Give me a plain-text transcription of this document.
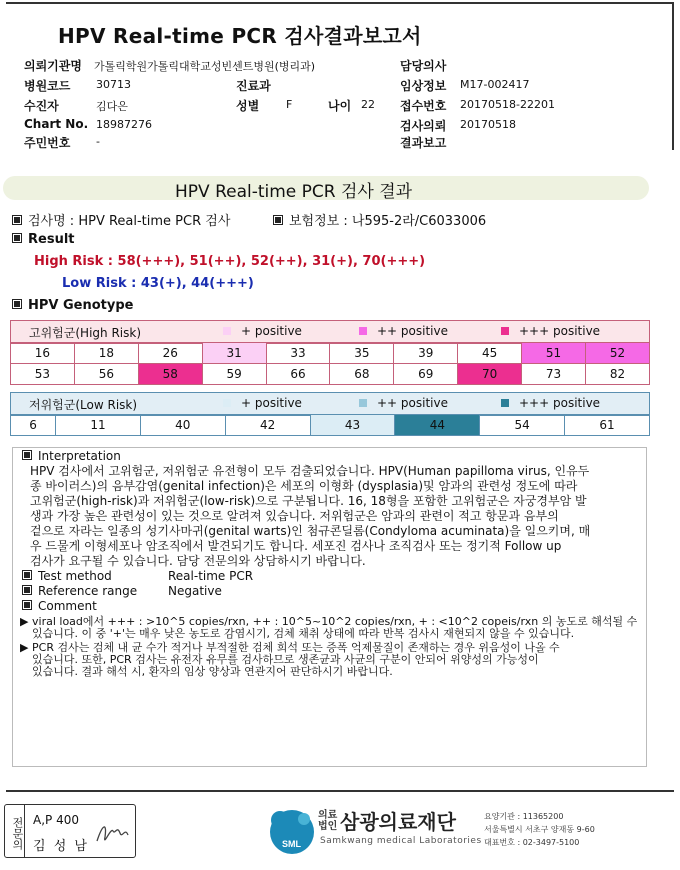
HPV Real-time PCR 검사결과보고서
의뢰기관명 가톨릭학원가톨릭대학교성빈센트병원(병리과)	담당의사
병원코드 30713	진료과	임상정보 M17-002417
수진자	김다은	성별 F	나이 22 접수번호 20170518-22201
Chart No. 18987276	검사의뢰 20170518
주민번호 -	결과보고
HPV Real-time PCR 검사 결과
검사명 : HPV Real-time PCR 검사	보험정보 : 나595-2라/C6033006
Result
High Risk : 58(+++), 51(++), 52(++), 31(+), 70(+++)
Low Risk : 43(+), 44(+++)
HPV Genotype
고위험군(High Risk)	+ positive	++ positive	+++ positive
16	18	26	31	33	35	39	45	51	52
53	56	58	59	66	68	69	70	73	82
저위험군(Low Risk)	+ positive	++ positive	+++ positive
6	11	40	42	43	44	54	61
Interpretation
HPV 검사에서 고위험군, 저위험군 유전형이 모두 검출되었습니다. HPV(Human papilloma virus, 인유두
종 바이러스)의 음부감염(genital infection)은 세포의 이형화 (dysplasia)및 암과의 관련성 정도에 따라
고위험군(high-risk)과 저위험군(low-risk)으로 구분됩니다. 16, 18형을 포함한 고위험군은 자궁경부암 발
생과 가장 높은 관련성이 있는 것으로 알려져 있습니다. 저위험군은 암과의 관련이 적고 항문과 음부의
겉으로 자라는 일종의 성기사마귀(genital warts)인 첨규콘딜롬(Condyloma acuminata)을 일으키며, 매
우 드물게 이형세포나 암조직에서 발견되기도 합니다. 세포진 검사나 조직검사 또는 정기적 Follow up
검사가 요구될 수 있습니다. 담당 전문의와 상담하시기 바랍니다.
Test method	Real-time PCR
Reference range	Negative
Comment
▶ viral load에서 +++ : >10^5 copies/rxn, ++ : 10^5~10^2 copies/rxn, + : <10^2 copeis/rxn 의 농도로 해석될 수
있습니다. 이 중 '+'는 매우 낮은 농도로 감염시기, 검체 채취 상태에 따라 반복 검사시 재현되지 않을 수 있습니다.
▶ PCR 검사는 검체 내 균 수가 적거나 부적절한 검체 희석 또는 증폭 억제물질이 존재하는 경우 위음성이 나올 수
있습니다. 또한, PCR 검사는 유전자 유무를 검사하므로 생존균과 사균의 구분이 안되어 위양성의 가능성이
있습니다. 결과 해석 시, 환자의 임상 양상과 연관지어 판단하시기 바랍니다.
전문의 A,P 400
김 성 남	SML
의료
법인 삼광의료재단
Samkwang medical Laboratories
요양기관 : 11365200
서울특별시 서초구 양재동 9-60
대표번호 : 02-3497-5100
